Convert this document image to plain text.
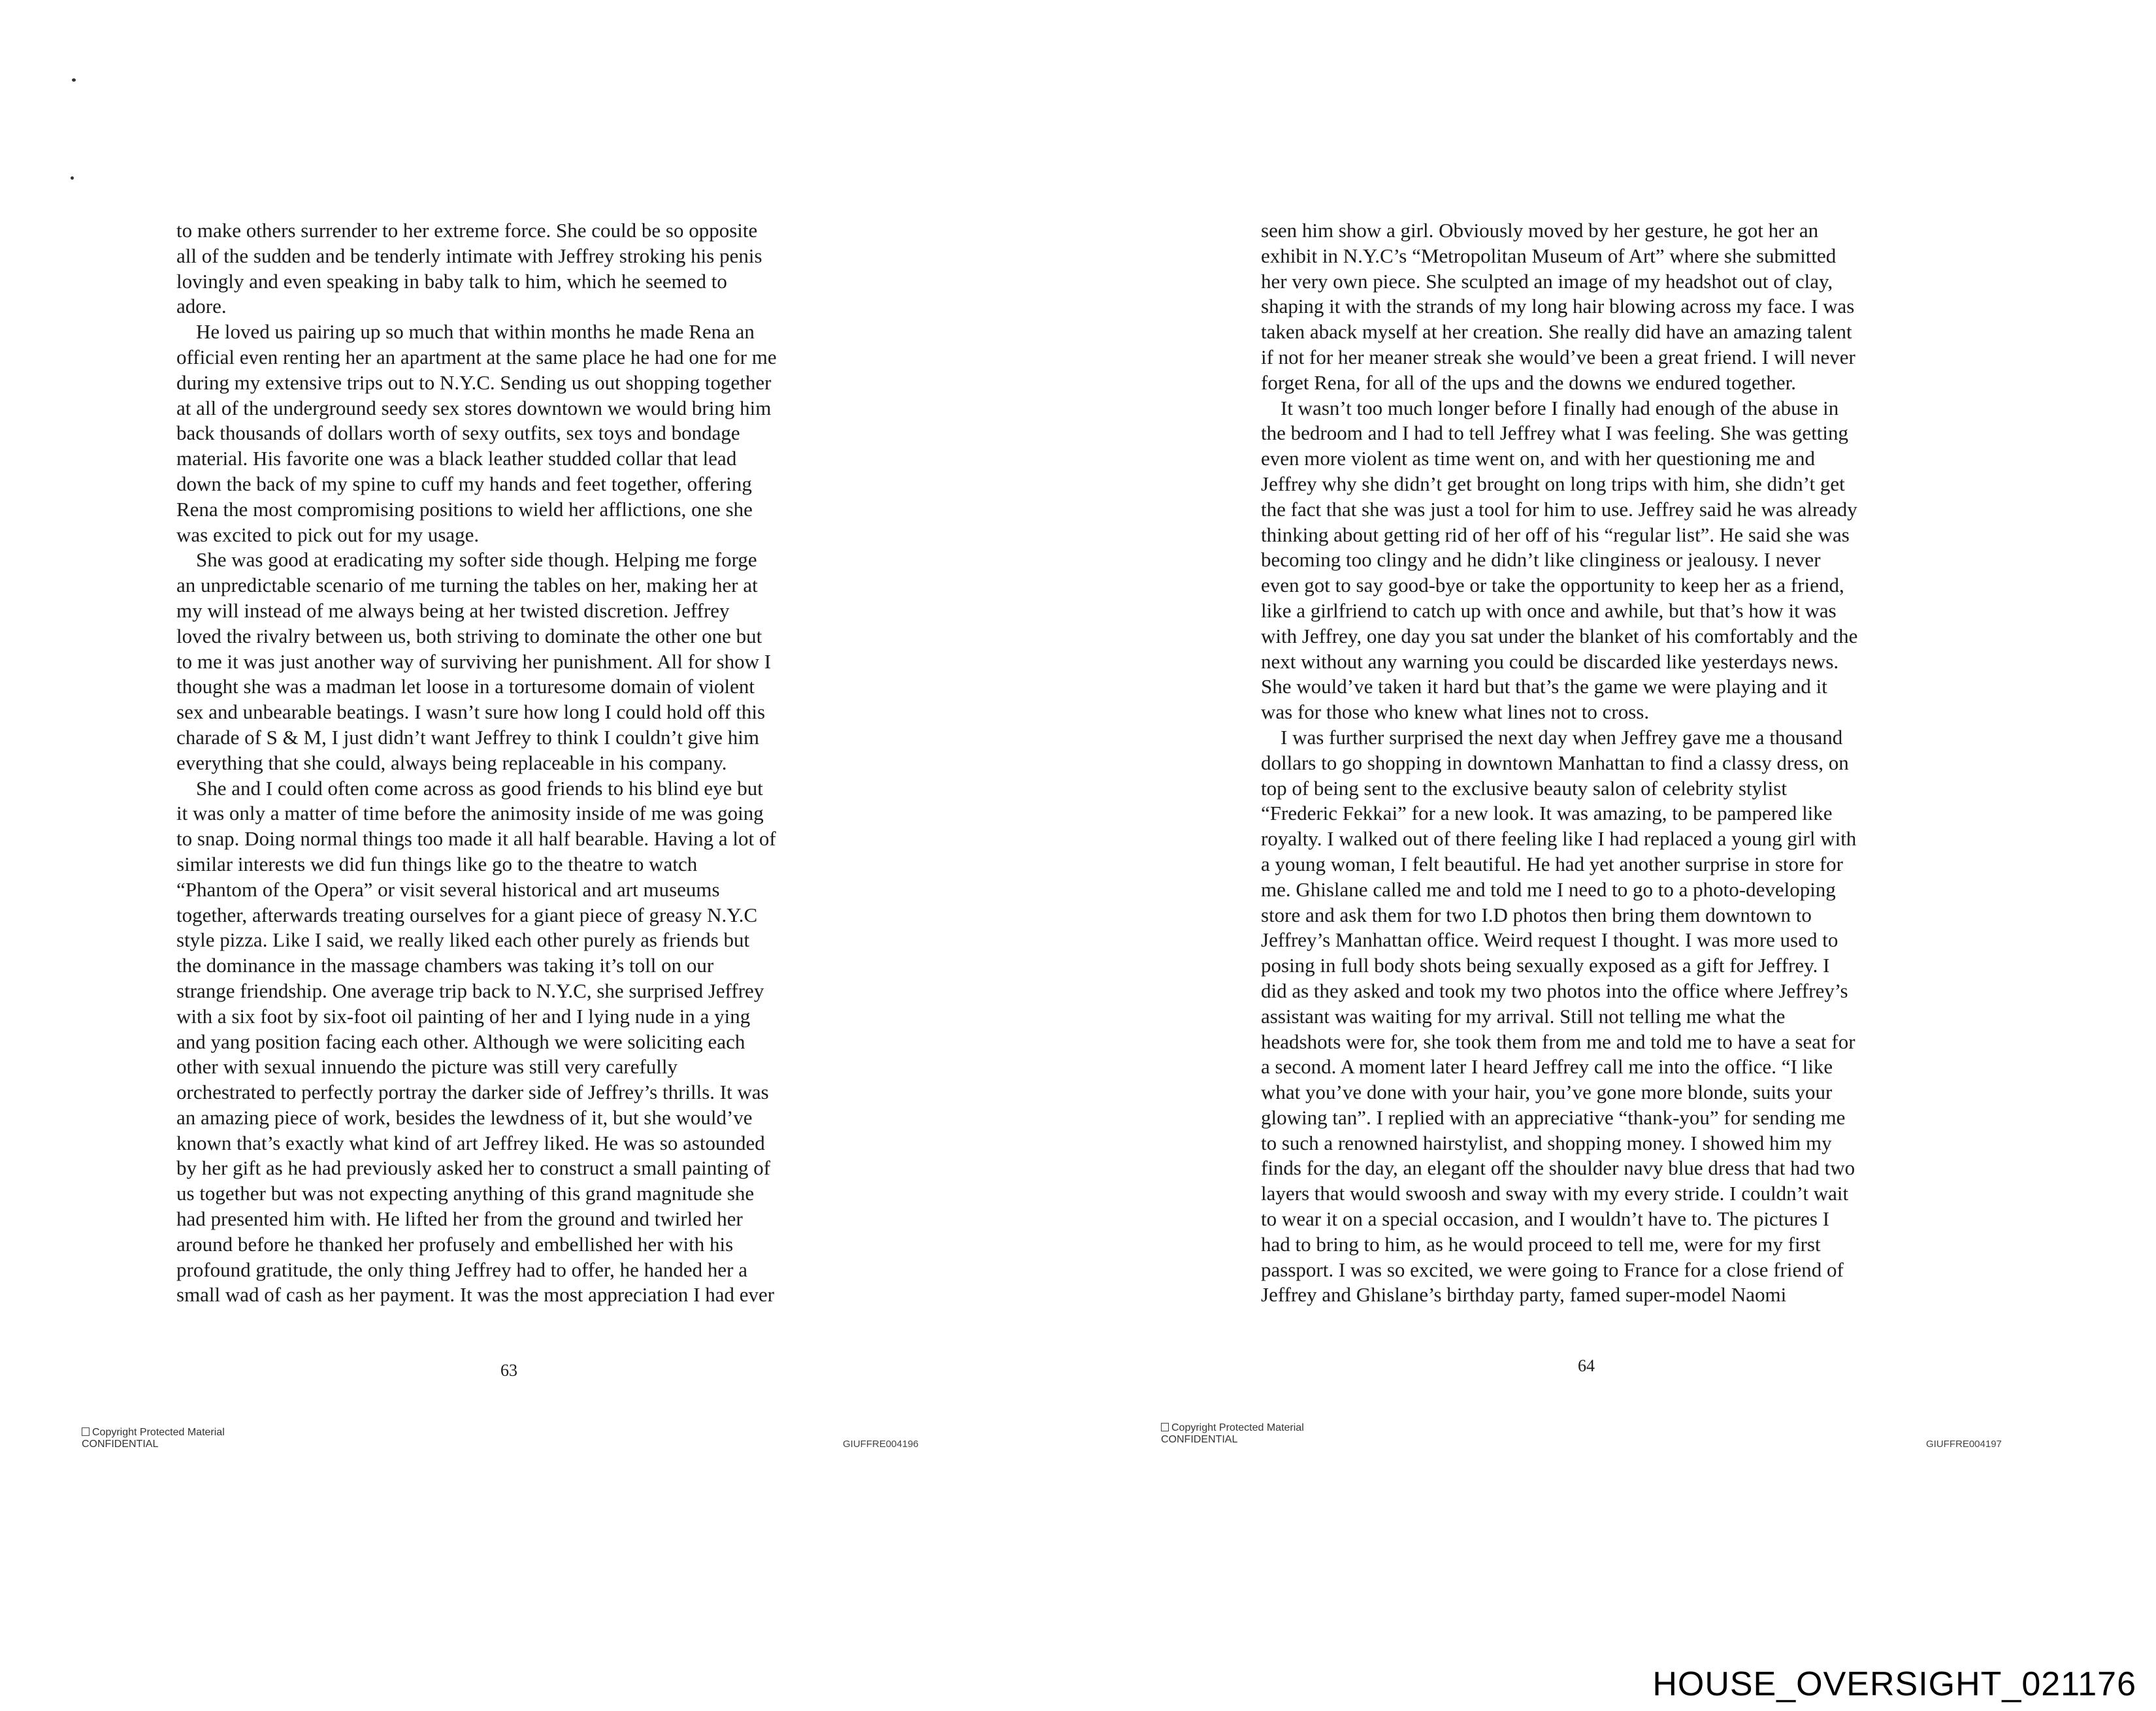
to make others surrender to her extreme force. She could be so opposite

all of the sudden and be tenderly intimate with Jeffrey stroking his penis

lovingly and even speaking in baby talk to him, which he seemed to

adore.

He loved us pairing up so much that within months he made Rena an

official even renting her an apartment at the same place he had one for me

during my extensive trips out to N.Y.C. Sending us out shopping together

at all of the underground seedy sex stores downtown we would bring him

back thousands of dollars worth of sexy outfits, sex toys and bondage

material. His favorite one was a black leather studded collar that lead

down the back of my spine to cuff my hands and feet together, offering

Rena the most compromising positions to wield her afflictions, one she

was excited to pick out for my usage.

She was good at eradicating my softer side though. Helping me forge

an unpredictable scenario of me turning the tables on her, making her at

my will instead of me always being at her twisted discretion. Jeffrey

loved the rivalry between us, both striving to dominate the other one but

to me it was just another way of surviving her punishment. All for show I

thought she was a madman let loose in a torturesome domain of violent

sex and unbearable beatings. I wasn’t sure how long I could hold off this

charade of S & M, I just didn’t want Jeffrey to think I couldn’t give him

everything that she could, always being replaceable in his company.

She and I could often come across as good friends to his blind eye but

it was only a matter of time before the animosity inside of me was going

to snap. Doing normal things too made it all half bearable. Having a lot of

similar interests we did fun things like go to the theatre to watch

“Phantom of the Opera” or visit several historical and art museums

together, afterwards treating ourselves for a giant piece of greasy N.Y.C

style pizza. Like I said, we really liked each other purely as friends but

the dominance in the massage chambers was taking it’s toll on our

strange friendship. One average trip back to N.Y.C, she surprised Jeffrey

with a six foot by six-foot oil painting of her and I lying nude in a ying

and yang position facing each other. Although we were soliciting each

other with sexual innuendo the picture was still very carefully

orchestrated to perfectly portray the darker side of Jeffrey’s thrills. It was

an amazing piece of work, besides the lewdness of it, but she would’ve

known that’s exactly what kind of art Jeffrey liked. He was so astounded

by her gift as he had previously asked her to construct a small painting of

us together but was not expecting anything of this grand magnitude she

had presented him with. He lifted her from the ground and twirled her

around before he thanked her profusely and embellished her with his

profound gratitude, the only thing Jeffrey had to offer, he handed her a

small wad of cash as her payment. It was the most appreciation I had ever

seen him show a girl. Obviously moved by her gesture, he got her an

exhibit in N.Y.C’s “Metropolitan Museum of Art” where she submitted

her very own piece. She sculpted an image of my headshot out of clay,

shaping it with the strands of my long hair blowing across my face. I was

taken aback myself at her creation. She really did have an amazing talent

if not for her meaner streak she would’ve been a great friend. I will never

forget Rena, for all of the ups and the downs we endured together.

It wasn’t too much longer before I finally had enough of the abuse in

the bedroom and I had to tell Jeffrey what I was feeling. She was getting

even more violent as time went on, and with her questioning me and

Jeffrey why she didn’t get brought on long trips with him, she didn’t get

the fact that she was just a tool for him to use. Jeffrey said he was already

thinking about getting rid of her off of his “regular list”. He said she was

becoming too clingy and he didn’t like clinginess or jealousy. I never

even got to say good-bye or take the opportunity to keep her as a friend,

like a girlfriend to catch up with once and awhile, but that’s how it was

with Jeffrey, one day you sat under the blanket of his comfortably and the

next without any warning you could be discarded like yesterdays news.

She would’ve taken it hard but that’s the game we were playing and it

was for those who knew what lines not to cross.

I was further surprised the next day when Jeffrey gave me a thousand

dollars to go shopping in downtown Manhattan to find a classy dress, on

top of being sent to the exclusive beauty salon of celebrity stylist

“Frederic Fekkai” for a new look. It was amazing, to be pampered like

royalty. I walked out of there feeling like I had replaced a young girl with

a young woman, I felt beautiful. He had yet another surprise in store for

me. Ghislane called me and told me I need to go to a photo-developing

store and ask them for two I.D photos then bring them downtown to

Jeffrey’s Manhattan office. Weird request I thought. I was more used to

posing in full body shots being sexually exposed as a gift for Jeffrey. I

did as they asked and took my two photos into the office where Jeffrey’s

assistant was waiting for my arrival. Still not telling me what the

headshots were for, she took them from me and told me to have a seat for

a second. A moment later I heard Jeffrey call me into the office. “I like

what you’ve done with your hair, you’ve gone more blonde, suits your

glowing tan”. I replied with an appreciative “thank-you” for sending me

to such a renowned hairstylist, and shopping money. I showed him my

finds for the day, an elegant off the shoulder navy blue dress that had two

layers that would swoosh and sway with my every stride. I couldn’t wait

to wear it on a special occasion, and I wouldn’t have to. The pictures I

had to bring to him, as he would proceed to tell me, were for my first

passport. I was so excited, we were going to France for a close friend of

Jeffrey and Ghislane’s birthday party, famed super-model Naomi

63	64
Copyright Protected Material
CONFIDENTIAL	GIUFFRE004196
Copyright Protected Material
CONFIDENTIAL	GIUFFRE004197
HOUSE_OVERSIGHT_021176
